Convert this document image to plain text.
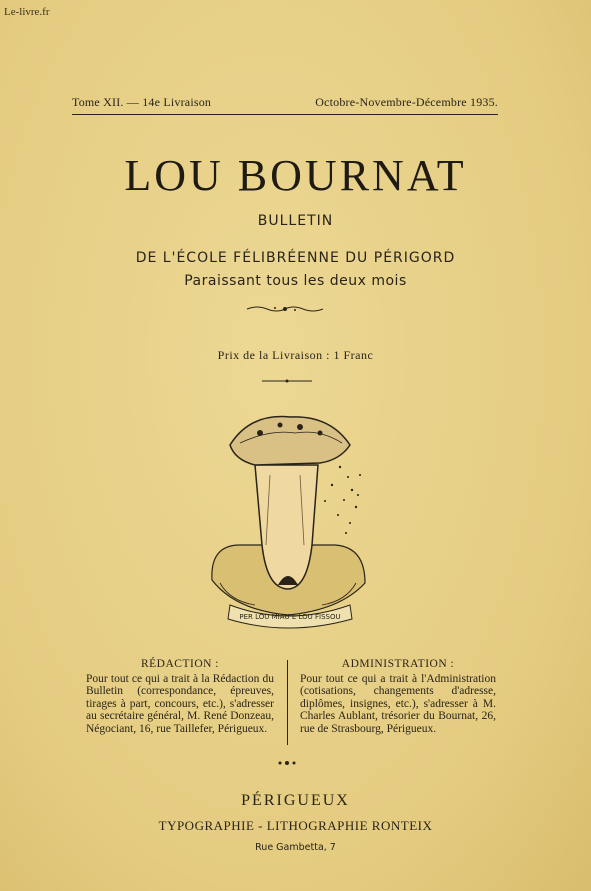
Le-livre.fr
Tome XII. — 14e Livraison	Octobre-Novembre-Décembre 1935.
LOU BOURNAT
BULLETIN
DE L'ÉCOLE FÉLIBRÉENNE DU PÉRIGORD
Paraissant tous les deux mois
Prix de la Livraison : 1 Franc
PER LOU MIAU E LOU FISSOU
RÉDACTION :
Pour tout ce qui a trait à la Rédaction du Bulletin (correspondance, épreuves, tirages à part, concours, etc.), s'adresser au secrétaire général, M. René Donzeau, Négociant, 16, rue Taillefer, Périgueux.
ADMINISTRATION :
Pour tout ce qui a trait à l'Administration (cotisations, changements d'adresse, diplômes, insignes, etc.), s'adresser à M. Charles Aublant, trésorier du Bournat, 26, rue de Strasbourg, Périgueux.
PÉRIGUEUX
TYPOGRAPHIE - LITHOGRAPHIE RONTEIX
Rue Gambetta, 7
